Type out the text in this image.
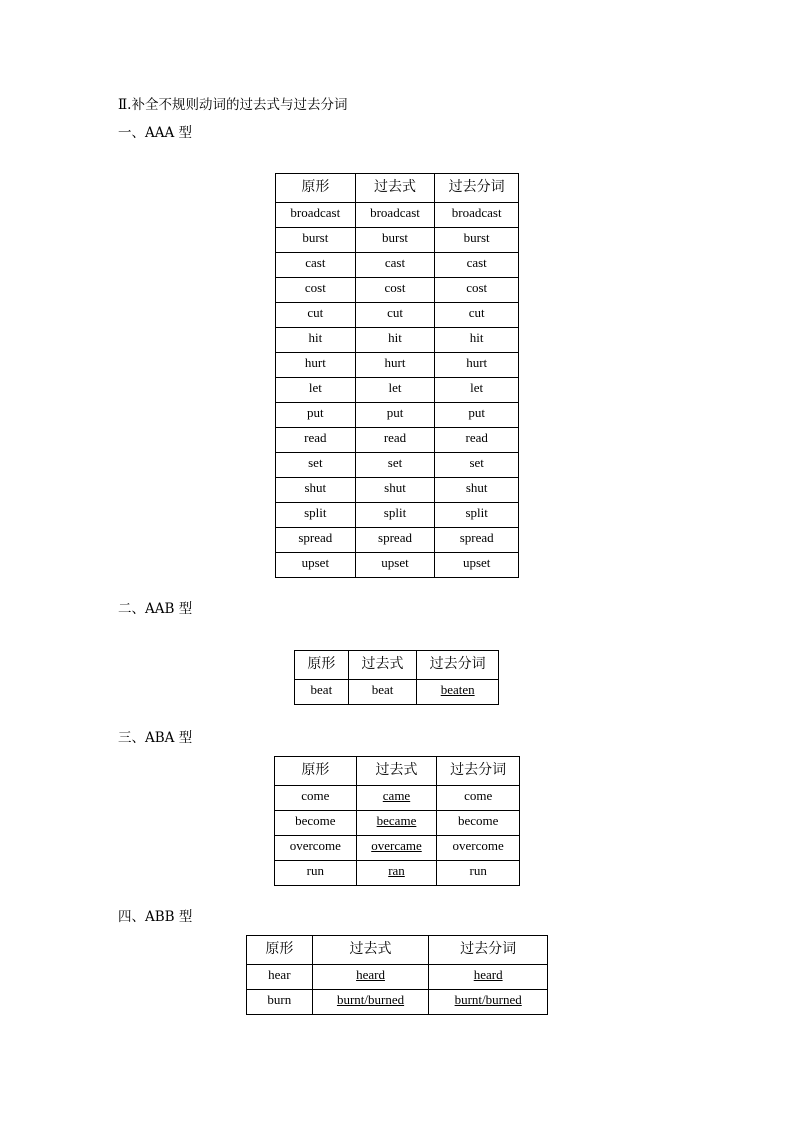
Ⅱ.补全不规则动词的过去式与过去分词
一、AAA 型
原形	过去式	过去分词
broadcast	broadcast	broadcast
burst	burst	burst
cast	cast	cast
cost	cost	cost
cut	cut	cut
hit	hit	hit
hurt	hurt	hurt
let	let	let
put	put	put
read	read	read
set	set	set
shut	shut	shut
split	split	split
spread	spread	spread
upset	upset	upset
二、AAB 型
原形	过去式	过去分词
beat	beat	beaten
三、ABA 型
原形	过去式	过去分词
come	came	come
become	became	become
overcome	overcame	overcome
run	ran	run
四、ABB 型
原形	过去式	过去分词
hear	heard	heard
burn	burnt/burned	burnt/burned
